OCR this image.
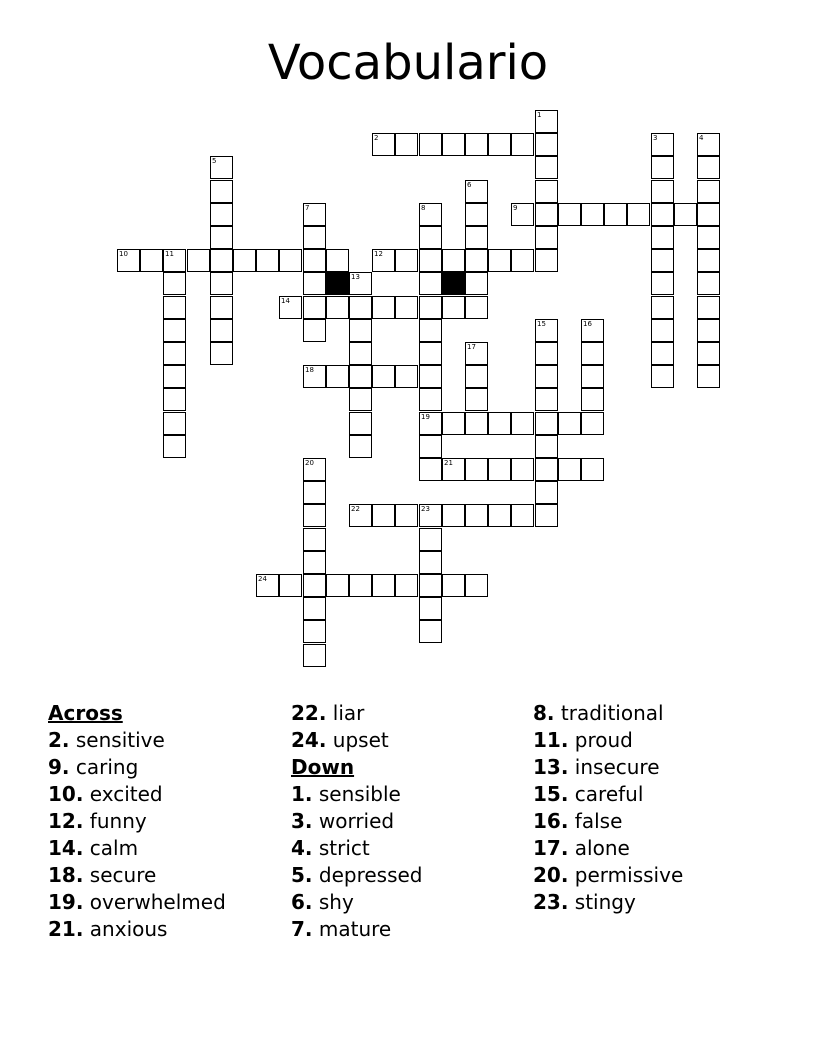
Vocabulario
1
2	3	4
5
6
7	8
19
9
10	11	12
13
14
15	16
17
18
20	21
22	23
24
Across
2. sensitive
9. caring
10. excited
12. funny
14. calm
18. secure
19. overwhelmed
21. anxious
22. liar
24. upset
Down
1. sensible
3. worried
4. strict
5. depressed
6. shy
7. mature
8. traditional
11. proud
13. insecure
15. careful
16. false
17. alone
20. permissive
23. stingy
